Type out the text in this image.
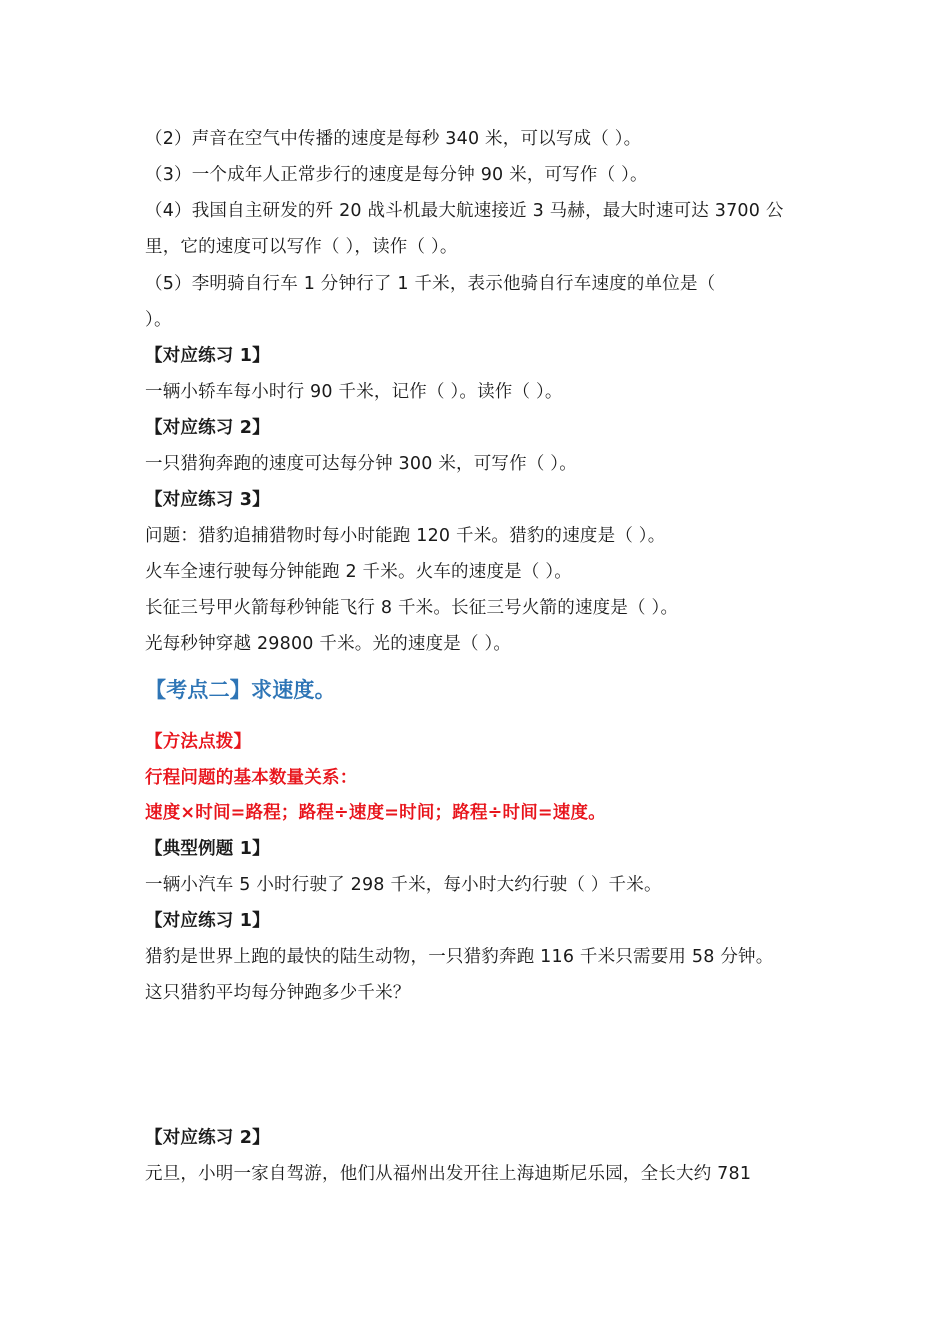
（2）声音在空气中传播的速度是每秒 340 米，可以写成（ ）。
（3）一个成年人正常步行的速度是每分钟 90 米，可写作（ ）。
（4）我国自主研发的歼 20 战斗机最大航速接近 3 马赫，最大时速可达 3700 公
里，它的速度可以写作（ ），读作（ ）。
（5）李明骑自行车 1 分钟行了 1 千米，表示他骑自行车速度的单位是（
）。
【对应练习 1】
一辆小轿车每小时行 90 千米，记作（ ）。读作（ ）。
【对应练习 2】
一只猎狗奔跑的速度可达每分钟 300 米，可写作（ ）。
【对应练习 3】
问题：猎豹追捕猎物时每小时能跑 120 千米。猎豹的速度是（ ）。
火车全速行驶每分钟能跑 2 千米。火车的速度是（ ）。
长征三号甲火箭每秒钟能飞行 8 千米。长征三号火箭的速度是（ ）。
光每秒钟穿越 29800 千米。光的速度是（ ）。
【考点二】求速度。
【方法点拨】
行程问题的基本数量关系：
速度×时间=路程；路程÷速度=时间；路程÷时间=速度。
【典型例题 1】
一辆小汽车 5 小时行驶了 298 千米，每小时大约行驶（ ）千米。
【对应练习 1】
猎豹是世界上跑的最快的陆生动物，一只猎豹奔跑 116 千米只需要用 58 分钟。
这只猎豹平均每分钟跑多少千米？
【对应练习 2】
元旦，小明一家自驾游，他们从福州出发开往上海迪斯尼乐园，全长大约 781
